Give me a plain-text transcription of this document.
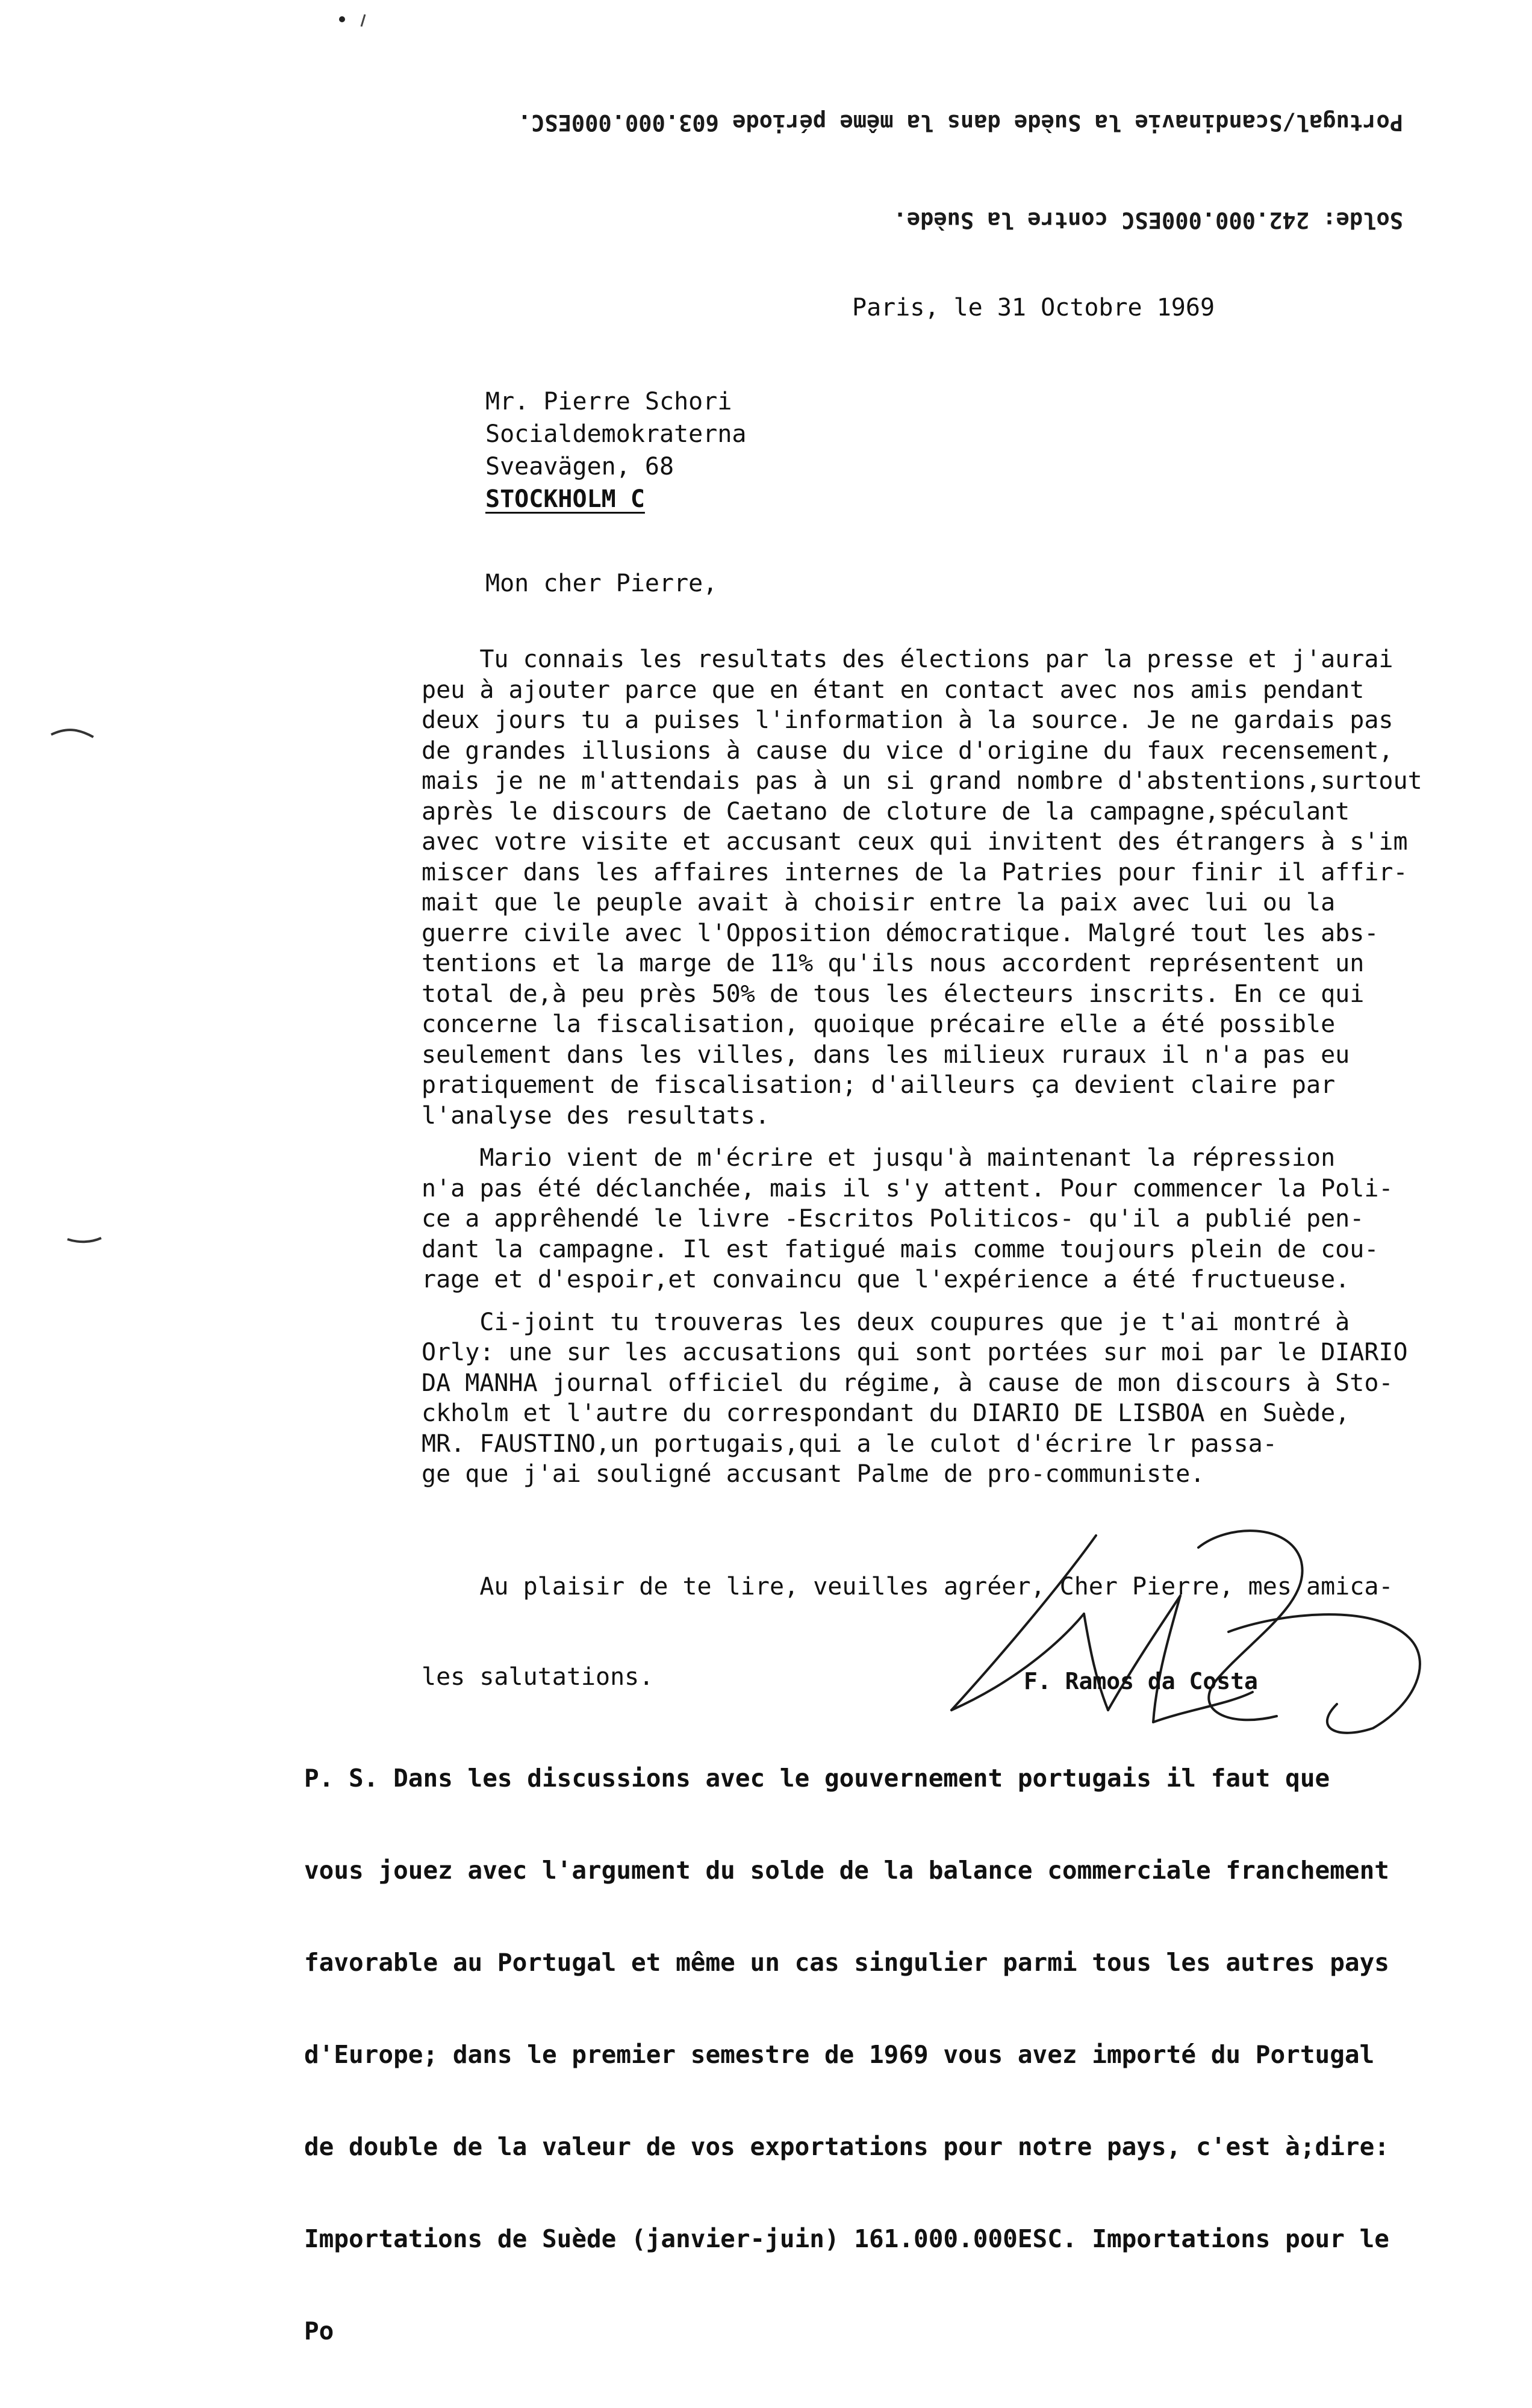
Solde: 242.000.000ESC contre la Suède.

Portugal/Scandinavie la Suède dans la même période 603.000.000ESC.

Paris, le 31 Octobre 1969
Mr. Pierre Schori
Socialdemokraterna
Sveavägen, 68
STOCKHOLM C
Mon cher Pierre,
Tu connais les resultats des élections par la presse et j'aurai
peu à ajouter parce que en étant en contact avec nos amis pendant
deux jours tu a puises l'information à la source. Je ne gardais pas
de grandes illusions à cause du vice d'origine du faux recensement,
mais je ne m'attendais pas à un si grand nombre d'abstentions,surtout
après le discours de Caetano de cloture de la campagne,spéculant
avec votre visite et accusant ceux qui invitent des étrangers à s'im
miscer dans les affaires internes de la Patries pour finir il affir-
mait que le peuple avait à choisir entre la paix avec lui ou la
guerre civile avec l'Opposition démocratique. Malgré tout les abs-
tentions et la marge de 11% qu'ils nous accordent représentent un
total de,à peu près 50% de tous les électeurs inscrits. En ce qui
concerne la fiscalisation, quoique précaire elle a été possible
seulement dans les villes, dans les milieux ruraux il n'a pas eu
pratiquement de fiscalisation; d'ailleurs ça devient claire par
l'analyse des resultats.
Mario vient de m'écrire et jusqu'à maintenant la répression
n'a pas été déclanchée, mais il s'y attent. Pour commencer la Poli-
ce a apprêhendé le livre -Escritos Politicos- qu'il a publié pen-
dant la campagne. Il est fatigué mais comme toujours plein de cou-
rage et d'espoir,et convaincu que l'expérience a été fructueuse.
Ci-joint tu trouveras les deux coupures que je t'ai montré à
Orly: une sur les accusations qui sont portées sur moi par le DIARIO
DA MANHA journal officiel du régime, à cause de mon discours à Sto-
ckholm et l'autre du correspondant du DIARIO DE LISBOA en Suède,
MR. FAUSTINO,un portugais,qui a le culot d'écrire lr passa-
ge que j'ai souligné accusant Palme de pro-communiste.

Au plaisir de te lire, veuilles agréer, Cher Pierre, mes amica-

les salutations.

	F. Ramos da Costa

P. S. Dans les discussions avec le gouvernement portugais il faut que

vous jouez avec l'argument du solde de la balance commerciale franchement

favorable au Portugal et même un cas singulier parmi tous les autres pays

d'Europe; dans le premier semestre de 1969 vous avez importé du Portugal

de double de la valeur de vos exportations pour notre pays, c'est à;dire:

Importations de Suède (janvier-juin) 161.000.000ESC. Importations pour le

Po
